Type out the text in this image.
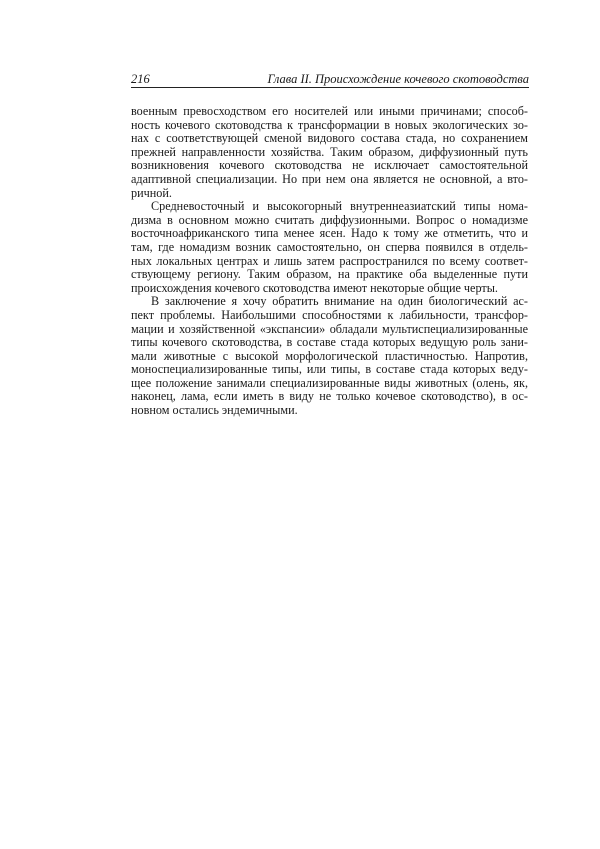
216	Глава II. Происхождение кочевого скотоводства
военным превосходством его носителей или иными причинами; способ-
ность кочевого скотоводства к трансформации в новых экологических зо-
нах с соответствующей сменой видового состава стада, но сохранением
прежней направленности хозяйства. Таким образом, диффузионный путь
возникновения кочевого скотоводства не исключает самостоятельной
адаптивной специализации. Но при нем она является не основной, а вто-
ричной.
Средневосточный и высокогорный внутреннеазиатский типы нома-
дизма в основном можно считать диффузионными. Вопрос о номадизме
восточноафриканского типа менее ясен. Надо к тому же отметить, что и
там, где номадизм возник самостоятельно, он сперва появился в отдель-
ных локальных центрах и лишь затем распространился по всему соответ-
ствующему региону. Таким образом, на практике оба выделенные пути
происхождения кочевого скотоводства имеют некоторые общие черты.
В заключение я хочу обратить внимание на один биологический ас-
пект проблемы. Наибольшими способностями к лабильности, трансфор-
мации и хозяйственной «экспансии» обладали мультиспециализированные
типы кочевого скотоводства, в составе стада которых ведущую роль зани-
мали животные с высокой морфологической пластичностью. Напротив,
моноспециализированные типы, или типы, в составе стада которых веду-
щее положение занимали специализированные виды животных (олень, як,
наконец, лама, если иметь в виду не только кочевое скотоводство), в ос-
новном остались эндемичными.
